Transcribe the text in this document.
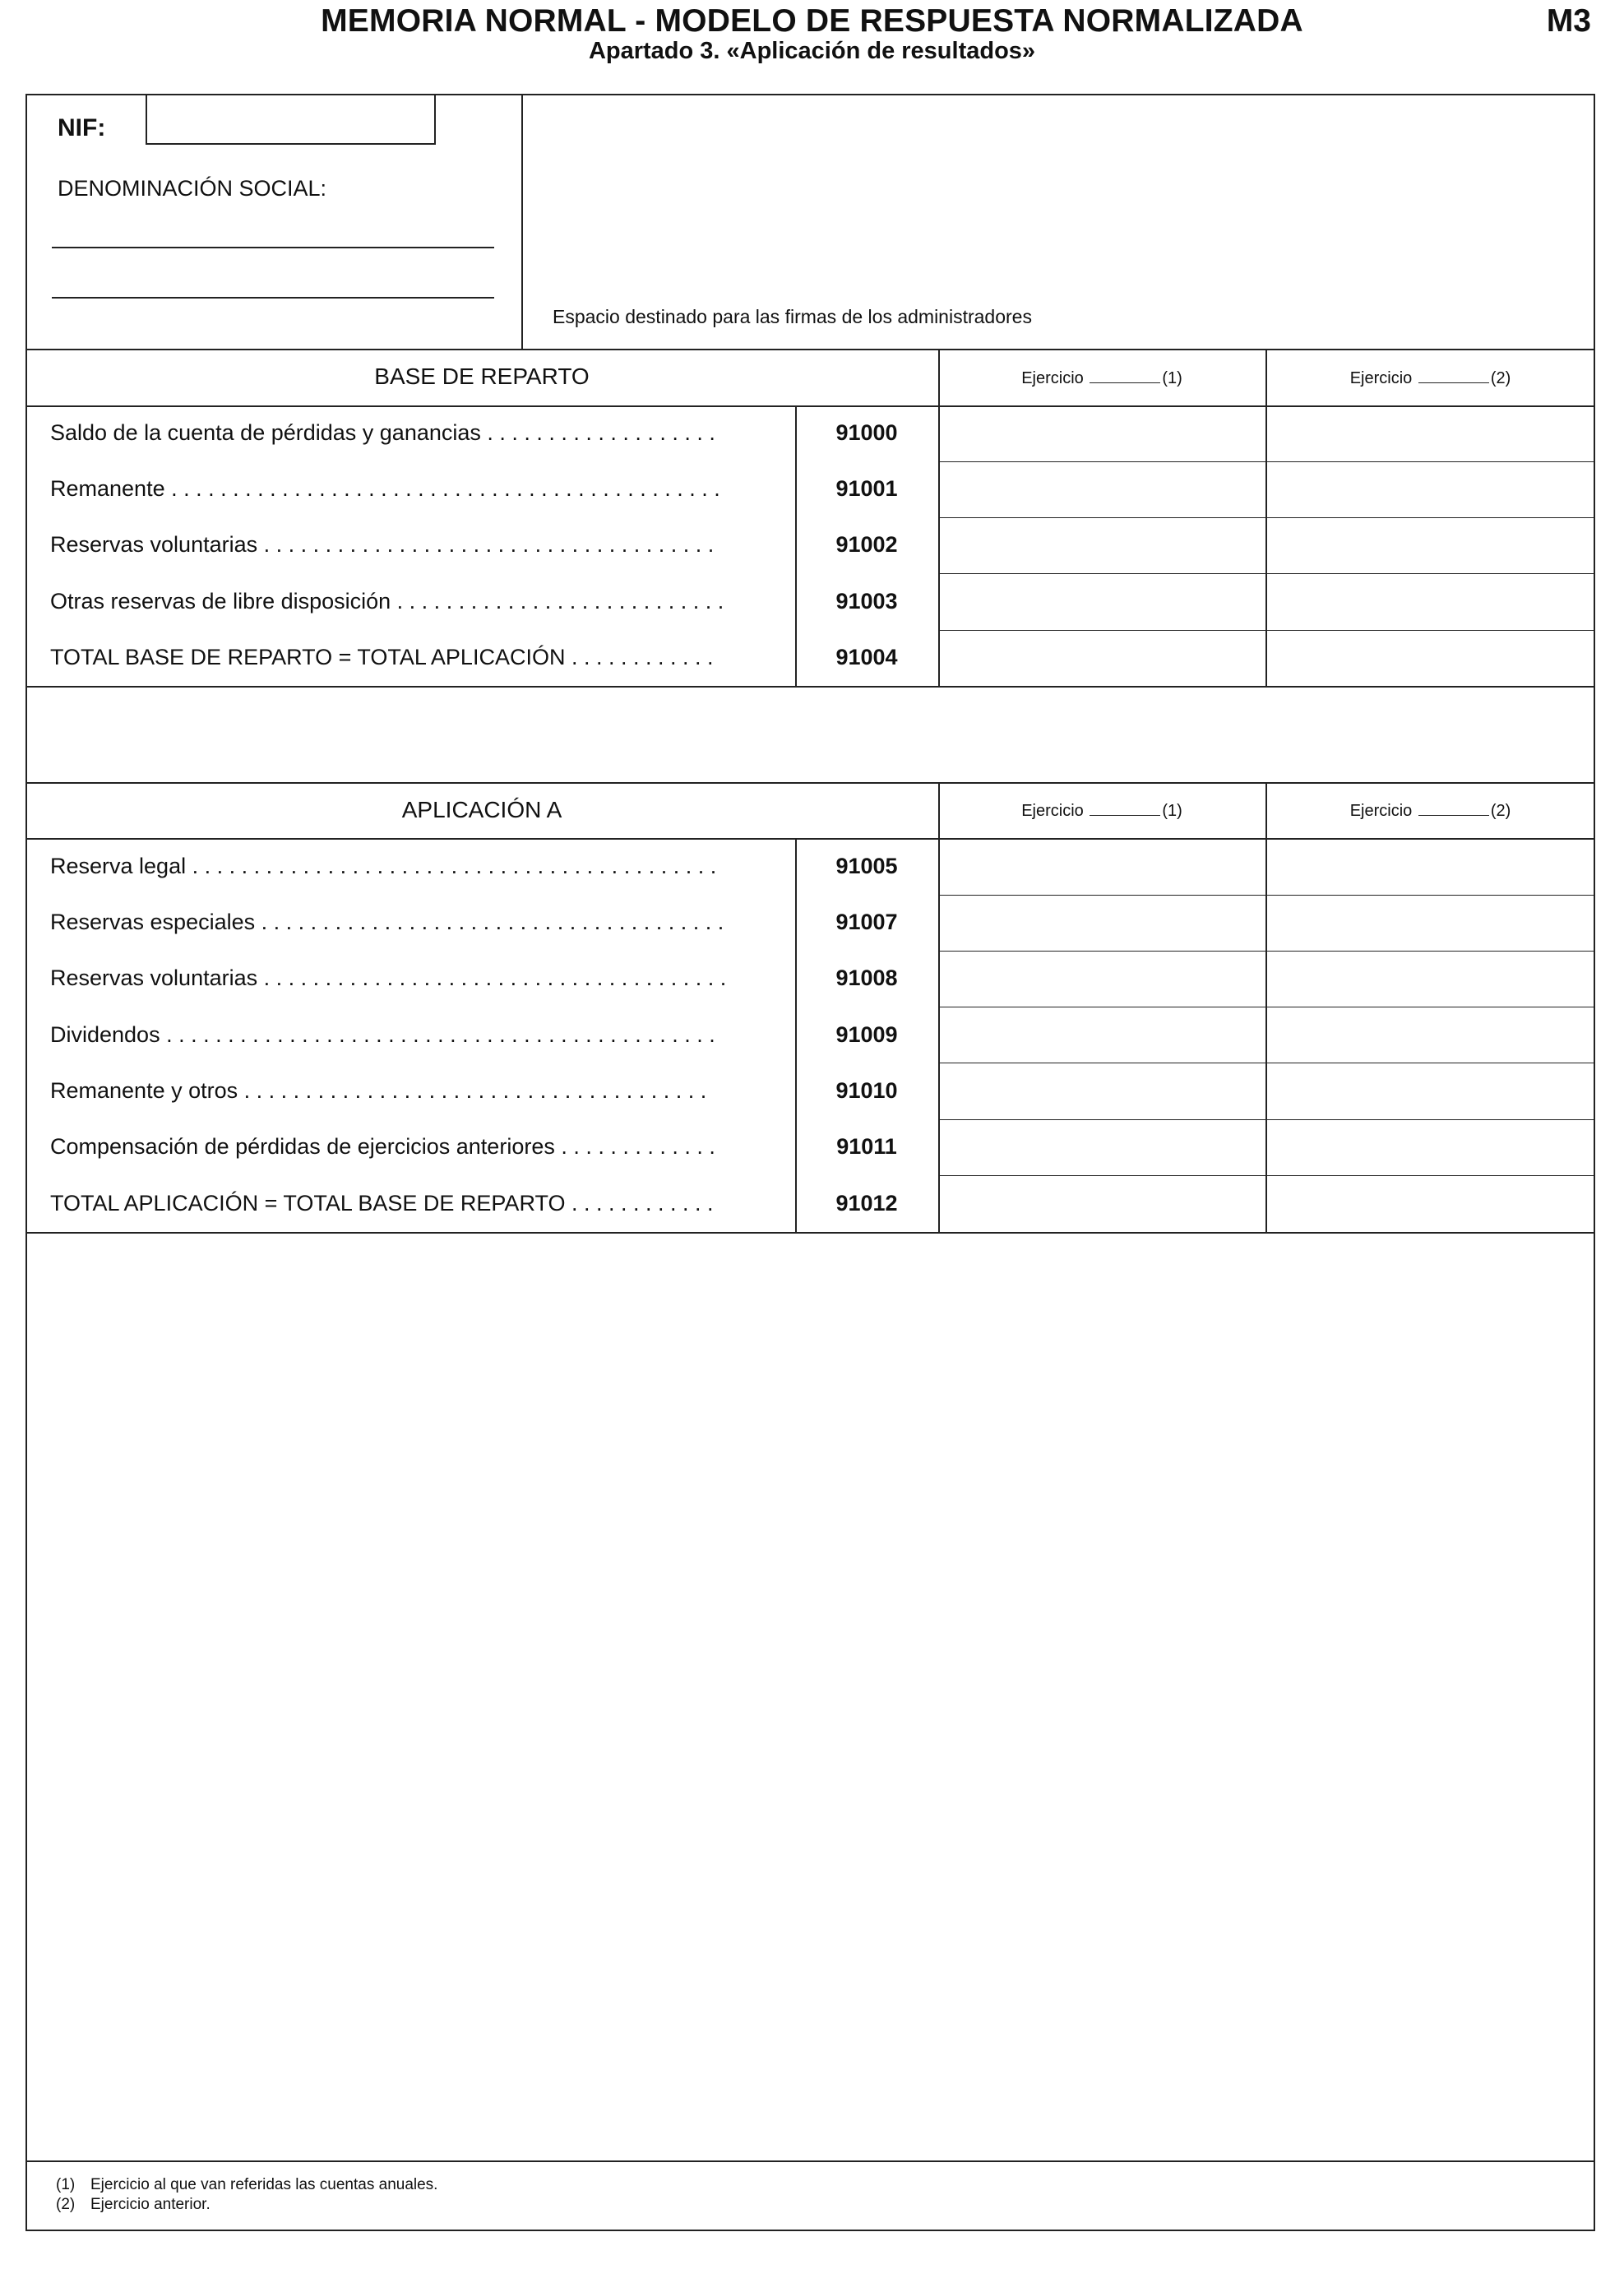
MEMORIA NORMAL - MODELO DE RESPUESTA NORMALIZADA
Apartado 3. «Aplicación de resultados»
M3
NIF:
DENOMINACIÓN SOCIAL:
Espacio destinado para las firmas de los administradores
BASE DE REPARTO	Ejercicio	(1)	Ejercicio	(2)
Saldo de la cuenta de pérdidas y ganancias . . . . . . . . . . . . . . . . . . .	91000
Remanente . . . . . . . . . . . . . . . . . . . . . . . . . . . . . . . . . . . . . . . . . . . . .	91001
Reservas voluntarias . . . . . . . . . . . . . . . . . . . . . . . . . . . . . . . . . . . . .	91002
Otras reservas de libre disposición . . . . . . . . . . . . . . . . . . . . . . . . . . .	91003
TOTAL BASE DE REPARTO = TOTAL APLICACIÓN . . . . . . . . . . . .	91004
APLICACIÓN A	Ejercicio	(1)	Ejercicio	(2)
Reserva legal . . . . . . . . . . . . . . . . . . . . . . . . . . . . . . . . . . . . . . . . . . .	91005
Reservas especiales . . . . . . . . . . . . . . . . . . . . . . . . . . . . . . . . . . . . . .	91007
Reservas voluntarias . . . . . . . . . . . . . . . . . . . . . . . . . . . . . . . . . . . . . .	91008
Dividendos . . . . . . . . . . . . . . . . . . . . . . . . . . . . . . . . . . . . . . . . . . . . .	91009
Remanente y otros . . . . . . . . . . . . . . . . . . . . . . . . . . . . . . . . . . . . . .	91010
Compensación de pérdidas de ejercicios anteriores . . . . . . . . . . . . .	91011
TOTAL APLICACIÓN = TOTAL BASE DE REPARTO . . . . . . . . . . . .	91012
(1) Ejercicio al que van referidas las cuentas anuales.
(2) Ejercicio anterior.
